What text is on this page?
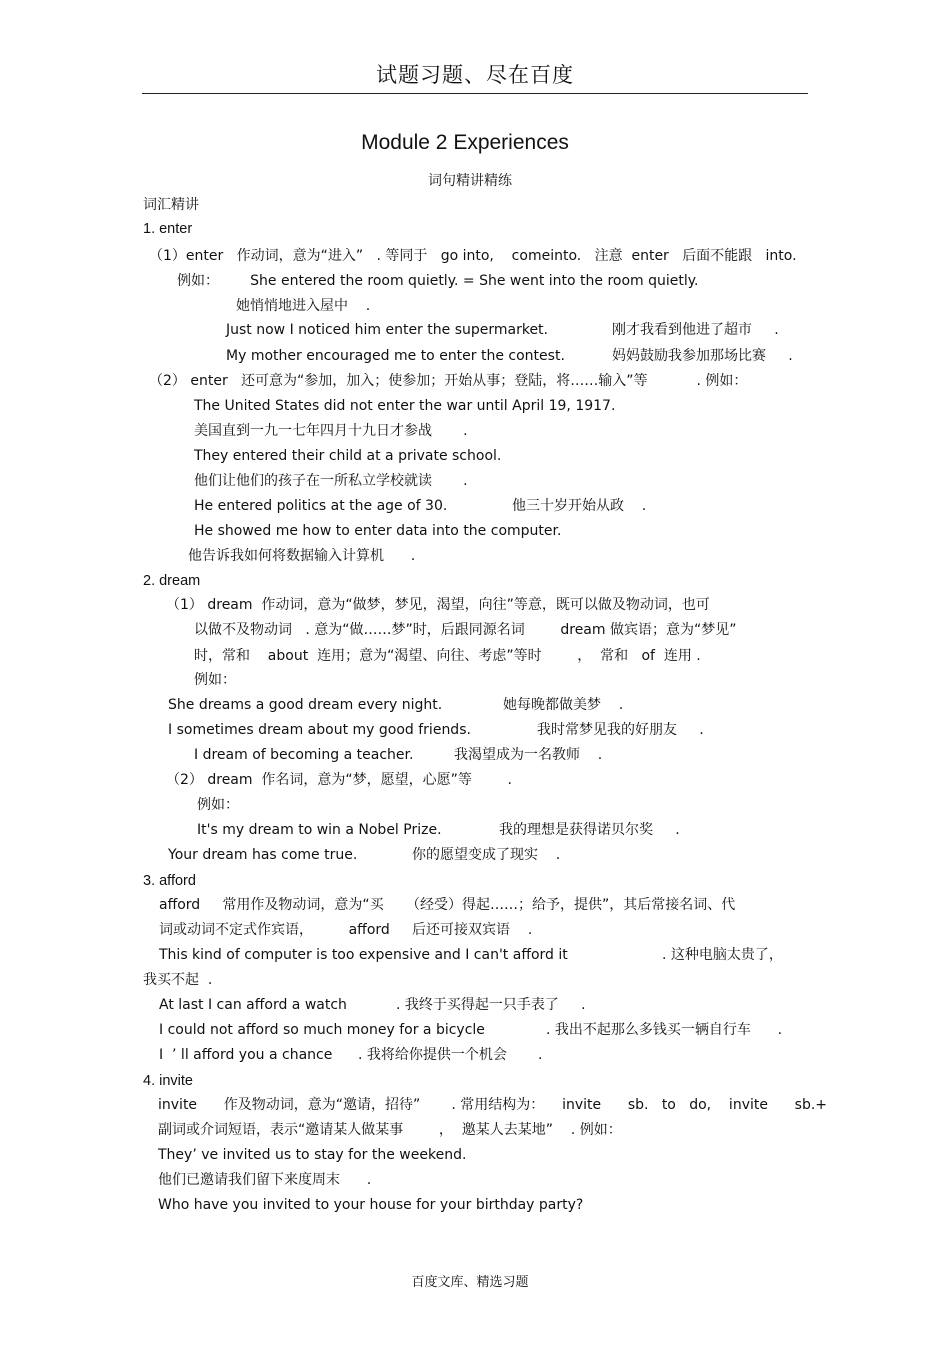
试题习题、尽在百度
Module 2 Experiences
词句精讲精练
词汇精讲
1. enter
（1）enter   作动词，意为“进入”   . 等同于   go into,    comeinto.   注意  enter   后面不能跟   into.
例如：       She entered the room quietly. = She went into the room quietly.
她悄悄地进入屋中    .
Just now I noticed him enter the supermarket.	刚才我看到他进了超市     .
My mother encouraged me to enter the contest.	妈妈鼓励我参加那场比赛     .
（2） enter   还可意为“参加，加入；使参加；开始从事；登陆，将……输入”等           . 例如：
The United States did not enter the war until April 19, 1917.
美国直到一九一七年四月十九日才参战       .
They entered their child at a private school.
他们让他们的孩子在一所私立学校就读       .
He entered politics at the age of 30.	他三十岁开始从政    .
He showed me how to enter data into the computer.
他告诉我如何将数据输入计算机      .
2. dream
（1） dream  作动词，意为“做梦，梦见，渴望，向往”等意，既可以做及物动词，也可
以做不及物动词   . 意为“做……梦”时，后跟同源名词        dream 做宾语；意为“梦见”
时，常和    about  连用；意为“渴望、向往、考虑”等时        ，  常和   of  连用 .
例如：
She dreams a good dream every night.	她每晚都做美梦    .
I sometimes dream about my good friends.	我时常梦见我的好朋友     .
I dream of becoming a teacher.	我渴望成为一名教师    .
（2） dream  作名词，意为“梦，愿望，心愿”等        .
例如：
It's my dream to win a Nobel Prize.	我的理想是获得诺贝尔奖     .
Your dream has come true.	你的愿望变成了现实    .
3. afford
afford     常用作及物动词，意为“买     （经受）得起……；给予，提供”，其后常接名词、代
词或动词不定式作宾语，        afford     后还可接双宾语    .
This kind of computer is too expensive and I can't afford it	. 这种电脑太贵了，
我买不起  .
At last I can afford a watch	. 我终于买得起一只手表了     .
I could not afford so much money for a bicycle	. 我出不起那么多钱买一辆自行车      .
I  ’ ll afford you a chance . 我将给你提供一个机会       .
4. invite
invite      作及物动词，意为“邀请，招待”       . 常用结构为：    invite      sb.   to   do,    invite      sb.+
副词或介词短语，表示“邀请某人做某事        ，  邀某人去某地”    . 例如：
They’ ve invited us to stay for the weekend.
他们已邀请我们留下来度周末      .
Who have you invited to your house for your birthday party?
百度文库、精选习题
